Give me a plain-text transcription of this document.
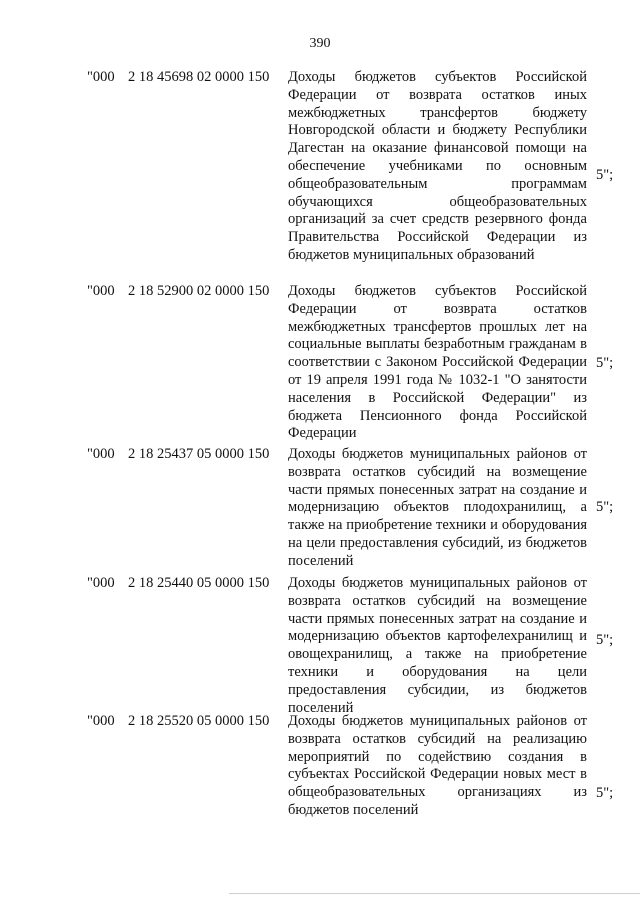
390
"000 2 18 45698 02 0000 150 Доходы бюджетов субъектов Российской Федерации от возврата остатков иных межбюджетных трансфертов бюджету Новгородской области и бюджету Республики Дагестан на оказание финансовой помощи на обеспечение учебниками по основным общеобразовательным программам обучающихся общеобразовательных организаций за счет средств резервного фонда Правительства Российской Федерации из бюджетов муниципальных образований
5";
"000 2 18 52900 02 0000 150 Доходы бюджетов субъектов Российской Федерации от возврата остатков межбюджетных трансфертов прошлых лет на социальные выплаты безработным гражданам в соответствии с Законом Российской Федерации от 19 апреля 1991 года № 1032-1 "О занятости населения в Российской Федерации" из бюджета Пенсионного фонда Российской Федерации
5";
"000 2 18 25437 05 0000 150 Доходы бюджетов муниципальных районов от возврата остатков субсидий на возмещение части прямых понесенных затрат на создание и модернизацию объектов плодохранилищ, а также на приобретение техники и оборудования на цели предоставления субсидий, из бюджетов поселений
5";
"000 2 18 25440 05 0000 150 Доходы бюджетов муниципальных районов от возврата остатков субсидий на возмещение части прямых понесенных затрат на создание и модернизацию объектов картофелехранилищ и овощехранилищ, а также на приобретение техники и оборудования на цели предоставления субсидии, из бюджетов поселений
5";
"000 2 18 25520 05 0000 150 Доходы бюджетов муниципальных районов от возврата остатков субсидий на реализацию мероприятий по содействию создания в субъектах Российской Федерации новых мест в общеобразовательных организациях из бюджетов поселений
5";
